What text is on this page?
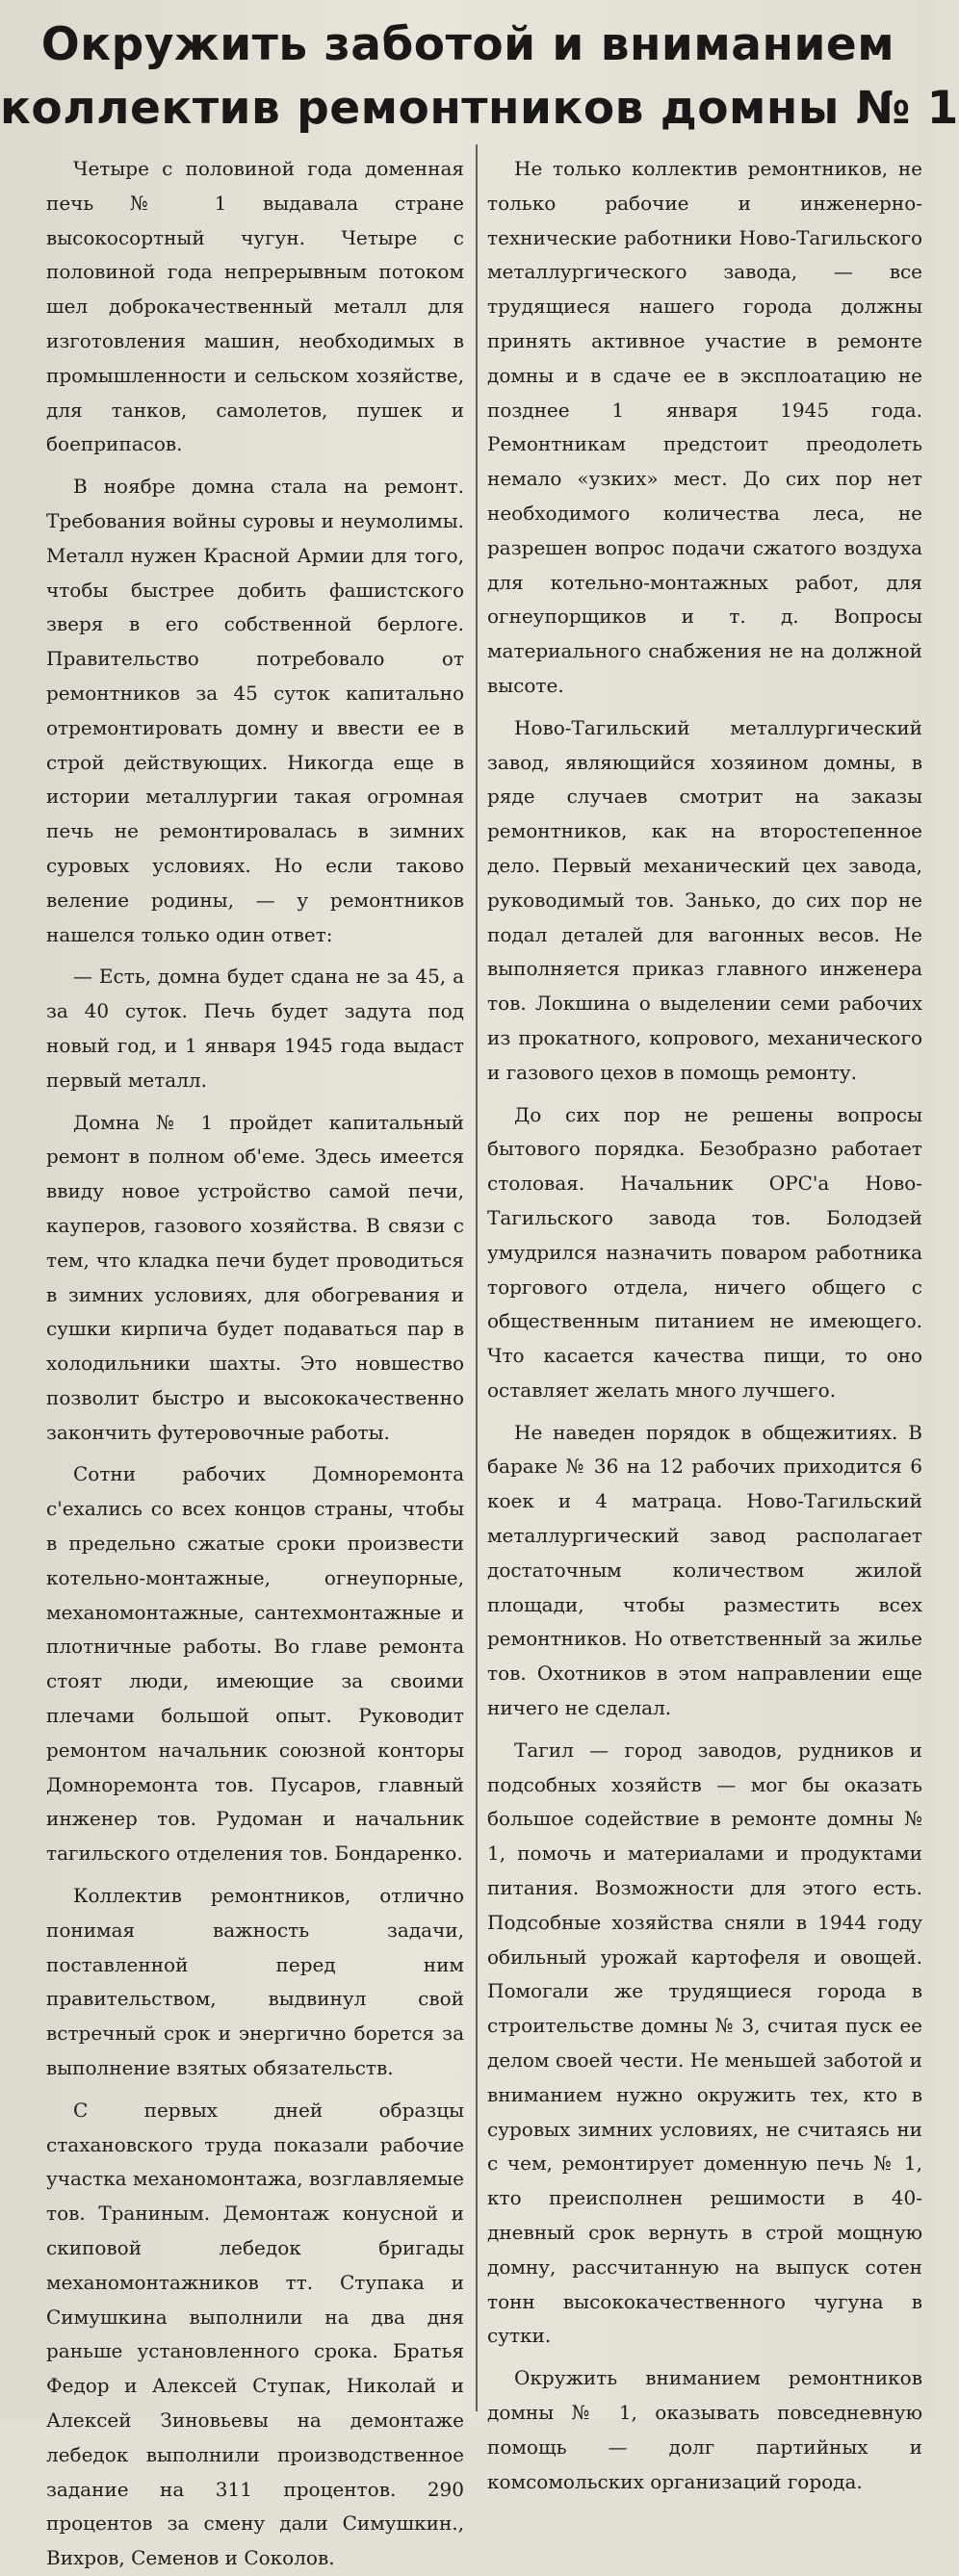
Окружить заботой и вниманием
коллектив ремонтников домны № 1

Четыре с половиной года доменная печь № 1 выдавала стране высокосортный чугун. Четыре с половиной года непрерывным потоком шел доброкачественный металл для изготовления машин, необходимых в промышленности и сельском хозяйстве, для танков, самолетов, пушек и боеприпасов.

В ноябре домна стала на ремонт. Требования войны суровы и неумолимы. Металл нужен Красной Армии для того, чтобы быстрее добить фашистского зверя в его собственной берлоге. Правительство потребовало от ремонтников за 45 суток капитально отремонтировать домну и ввести ее в строй действующих. Никогда еще в истории металлургии такая огромная печь не ремонтировалась в зимних суровых условиях. Но если таково веление родины, — у ремонтников нашелся только один ответ:

— Есть, домна будет сдана не за 45, а за 40 суток. Печь будет задута под новый год, и 1 января 1945 года выдаст первый металл.

Домна № 1 пройдет капитальный ремонт в полном об'еме. Здесь имеется ввиду новое устройство самой печи, кауперов, газового хозяйства. В связи с тем, что кладка печи будет проводиться в зимних условиях, для обогревания и сушки кирпича будет подаваться пар в холодильники шахты. Это новшество позволит быстро и высококачественно закончить футеровочные работы.

Сотни рабочих Домноремонта с'ехались со всех концов страны, чтобы в предельно сжатые сроки произвести котельно-монтажные, огнеупорные, механомонтажные, сантехмонтажные и плотничные работы. Во главе ремонта стоят люди, имеющие за своими плечами большой опыт. Руководит ремонтом начальник союзной конторы Домноремонта тов. Пусаров, главный инженер тов. Рудоман и начальник тагильского отделения тов. Бондаренко.

Коллектив ремонтников, отлично понимая важность задачи, поставленной перед ним правительством, выдвинул свой встречный срок и энергично борется за выполнение взятых обязательств.

С первых дней образцы стахановского труда показали рабочие участка механомонтажа, возглавляемые тов. Траниным. Демонтаж конусной и скиповой лебедок бригады механомонтажников тт. Ступака и Симушкина выполнили на два дня раньше установленного срока. Братья Федор и Алексей Ступак, Николай и Алексей Зиновьевы на демонтаже лебедок выполнили производственное задание на 311 процентов. 290 процентов за смену дали Симушкин., Вихров, Семенов и Соколов.

Не только коллектив ремонтников, не только рабочие и инженерно-технические работники Ново-Тагильского металлургического завода, — все трудящиеся нашего города должны принять активное участие в ремонте домны и в сдаче ее в эксплоатацию не позднее 1 января 1945 года. Ремонтникам предстоит преодолеть немало «узких» мест. До сих пор нет необходимого количества леса, не разрешен вопрос подачи сжатого воздуха для котельно-монтажных работ, для огнеупорщиков и т. д. Вопросы материального снабжения не на должной высоте.

Ново-Тагильский металлургический завод, являющийся хозяином домны, в ряде случаев смотрит на заказы ремонтников, как на второстепенное дело. Первый механический цех завода, руководимый тов. Занько, до сих пор не подал деталей для вагонных весов. Не выполняется приказ главного инженера тов. Локшина о выделении семи рабочих из прокатного, копрового, механического и газового цехов в помощь ремонту.

До сих пор не решены вопросы бытового порядка. Безобразно работает столовая. Начальник ОРС'а Ново-Тагильского завода тов. Болодзей умудрился назначить поваром работника торгового отдела, ничего общего с общественным питанием не имеющего. Что касается качества пищи, то оно оставляет желать много лучшего.

Не наведен порядок в общежитиях. В бараке № 36 на 12 рабочих приходится 6 коек и 4 матраца. Ново-Тагильский металлургический завод располагает достаточным количеством жилой площади, чтобы разместить всех ремонтников. Но ответственный за жилье тов. Охотников в этом направлении еще ничего не сделал.

Тагил — город заводов, рудников и подсобных хозяйств — мог бы оказать большое содействие в ремонте домны № 1, помочь и материалами и продуктами питания. Возможности для этого есть. Подсобные хозяйства сняли в 1944 году обильный урожай картофеля и овощей. Помогали же трудящиеся города в строительстве домны № 3, считая пуск ее делом своей чести. Не меньшей заботой и вниманием нужно окружить тех, кто в суровых зимних условиях, не считаясь ни с чем, ремонтирует доменную печь № 1, кто преисполнен решимости в 40-дневный срок вернуть в строй мощную домну, рассчитанную на выпуск сотен тонн высококачественного чугуна в сутки.

Окружить вниманием ремонтников домны № 1, оказывать повседневную помощь — долг партийных и комсомольских организаций города.
